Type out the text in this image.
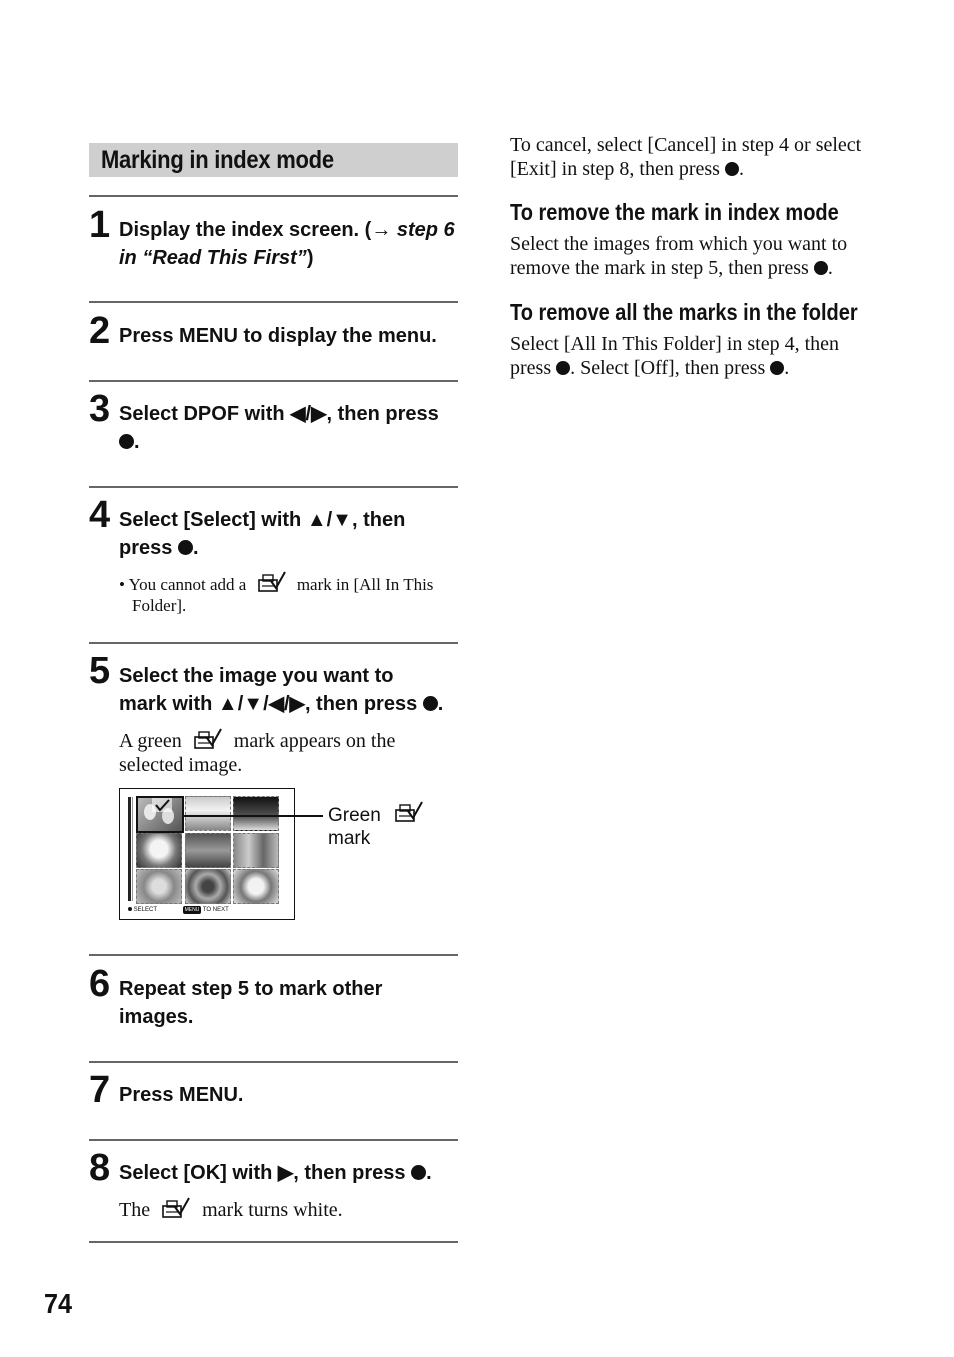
Marking in index mode
1 Display the index screen. (→ step 6 in “Read This First”)
2 Press MENU to display the menu.
3 Select DPOF with ◀/▶, then press
.
4 Select [Select] with ▲/▼, then
press .
• You cannot add a	mark in [All In This
Folder].
5 Select the image you want to
mark with ▲/▼/◀/▶, then press .
A green	mark appears on the
selected image.
SELECT	MENU TO NEXT
Green
mark
6 Repeat step 5 to mark other
images.
7 Press MENU.
8 Select [OK] with ▶, then press .
The	mark turns white.
To cancel, select [Cancel] in step 4 or select
[Exit] in step 8, then press .
To remove the mark in index mode
Select the images from which you want to
remove the mark in step 5, then press .
To remove all the marks in the folder
Select [All In This Folder] in step 4, then
press . Select [Off], then press .
74
